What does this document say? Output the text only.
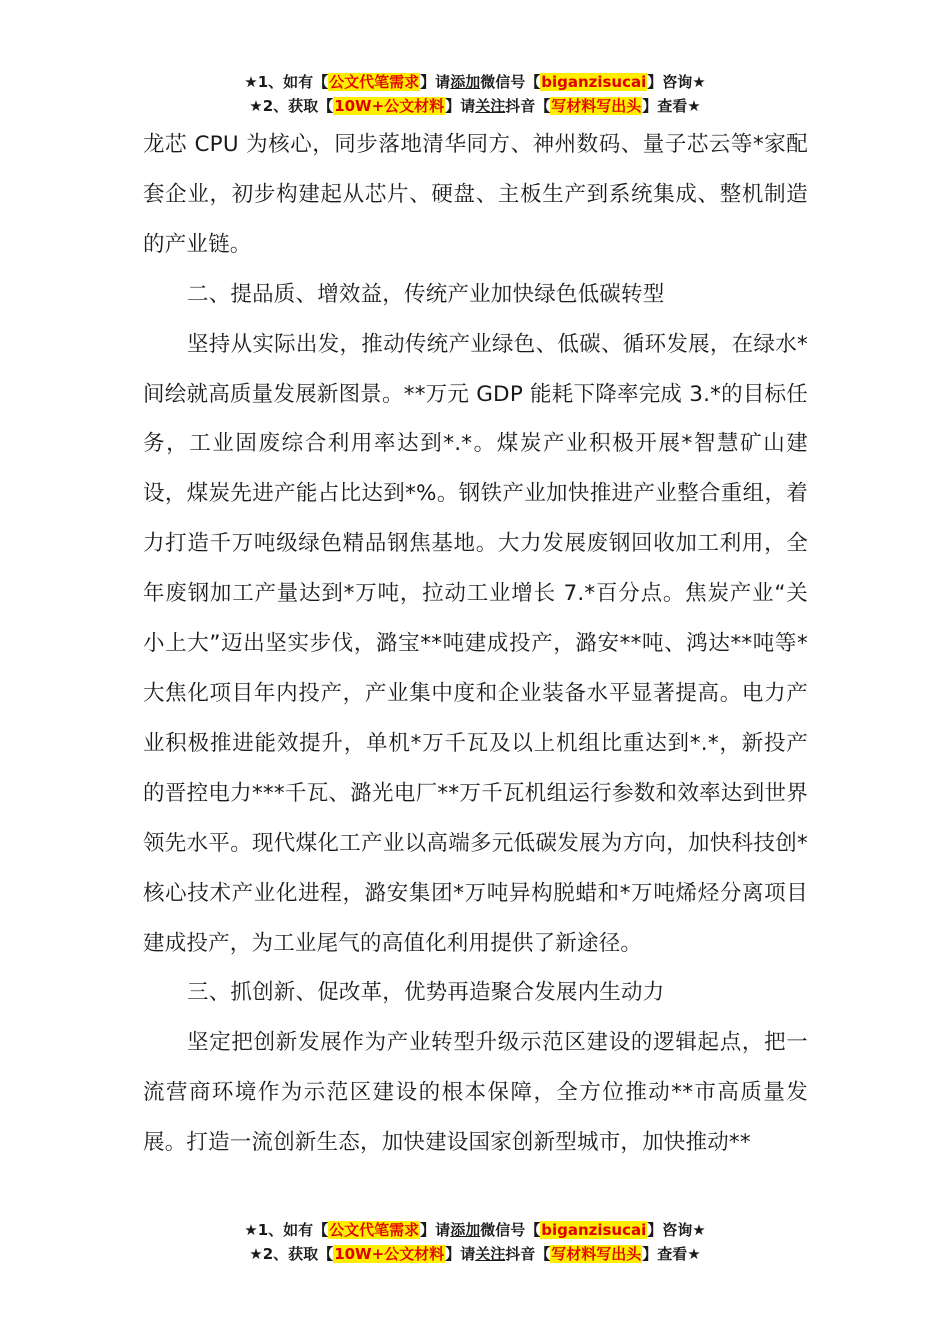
★1、如有【公文代笔需求】请添加微信号【biganzisucai】咨询★
★2、获取【10W+公文材料】请关注抖音【写材料写出头】查看★

龙芯 CPU 为核心，同步落地清华同方、神州数码、量子芯云等*家配套企业，初步构建起从芯片、硬盘、主板生产到系统集成、整机制造的产业链。

二、提品质、增效益，传统产业加快绿色低碳转型

坚持从实际出发，推动传统产业绿色、低碳、循环发展，在绿水*间绘就高质量发展新图景。**万元 GDP 能耗下降率完成 3.*的目标任务，工业固废综合利用率达到*.*。煤炭产业积极开展*智慧矿山建设，煤炭先进产能占比达到*%。钢铁产业加快推进产业整合重组，着力打造千万吨级绿色精品钢焦基地。大力发展废钢回收加工利用，全年废钢加工产量达到*万吨，拉动工业增长 7.*百分点。焦炭产业“关小上大”迈出坚实步伐，潞宝**吨建成投产，潞安**吨、鸿达**吨等*大焦化项目年内投产，产业集中度和企业装备水平显著提高。电力产业积极推进能效提升，单机*万千瓦及以上机组比重达到*.*，新投产的晋控电力***千瓦、潞光电厂**万千瓦机组运行参数和效率达到世界领先水平。现代煤化工产业以高端多元低碳发展为方向，加快科技创*核心技术产业化进程，潞安集团*万吨异构脱蜡和*万吨烯烃分离项目建成投产，为工业尾气的高值化利用提供了新途径。

三、抓创新、促改革，优势再造聚合发展内生动力

坚定把创新发展作为产业转型升级示范区建设的逻辑起点，把一流营商环境作为示范区建设的根本保障，全方位推动**市高质量发展。打造一流创新生态，加快建设国家创新型城市，加快推动**

★1、如有【公文代笔需求】请添加微信号【biganzisucai】咨询★
★2、获取【10W+公文材料】请关注抖音【写材料写出头】查看★
